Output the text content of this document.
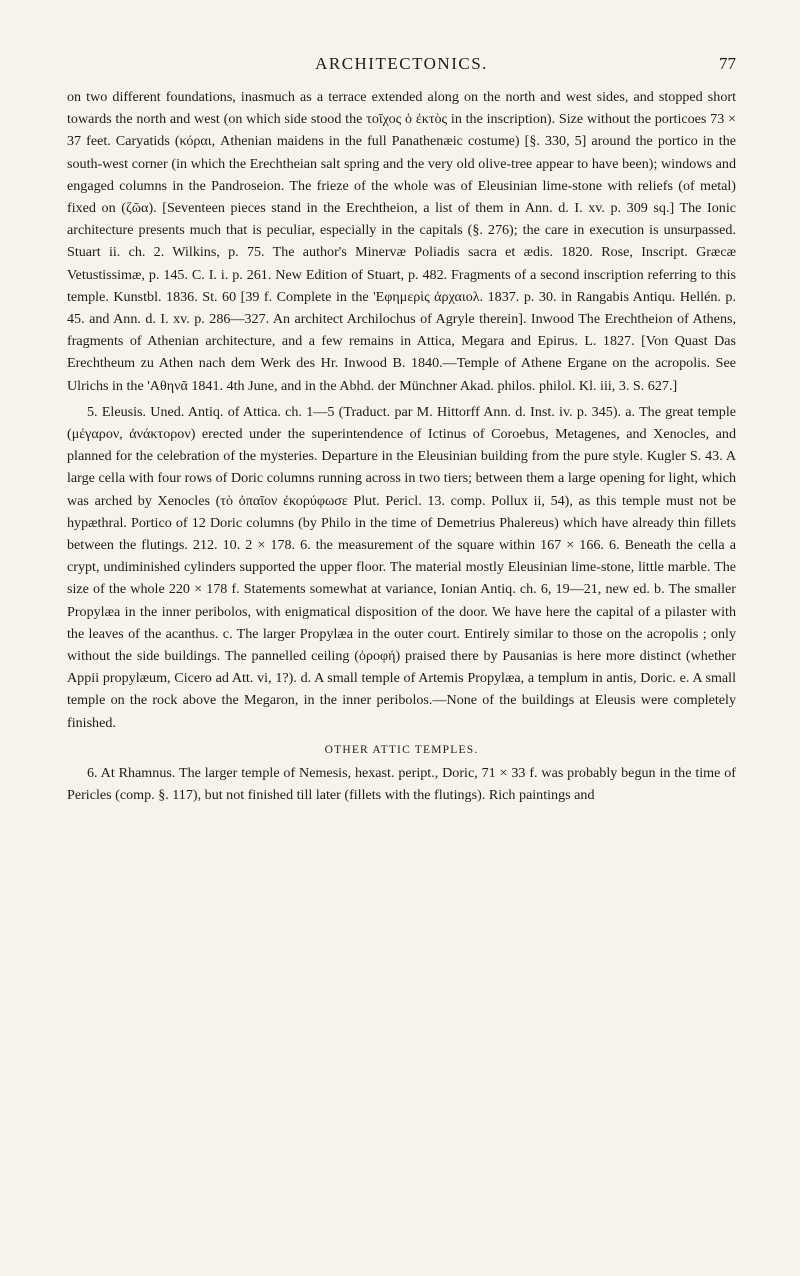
ARCHITECTONICS.	77

on two different foundations, inasmuch as a terrace extended along on the north and west sides, and stopped short towards the north and west (on which side stood the τοῖχος ὁ ἐκτὸς in the inscription). Size without the porticoes 73 × 37 feet. Caryatids (κόραι, Athenian maidens in the full Panathenæic costume) [§. 330, 5] around the portico in the south-west corner (in which the Erechtheian salt spring and the very old olive-tree appear to have been); windows and engaged columns in the Pandroseion. The frieze of the whole was of Eleusinian lime-stone with reliefs (of metal) fixed on (ζῶα). [Seventeen pieces stand in the Erechtheion, a list of them in Ann. d. I. xv. p. 309 sq.] The Ionic architecture presents much that is peculiar, especially in the capitals (§. 276); the care in execution is unsurpassed. Stuart ii. ch. 2. Wilkins, p. 75. The author's Minervæ Poliadis sacra et ædis. 1820. Rose, Inscript. Græcæ Vetustissimæ, p. 145. C. I. i. p. 261. New Edition of Stuart, p. 482. Fragments of a second inscription referring to this temple. Kunstbl. 1836. St. 60 [39 f. Complete in the 'Εφημερὶς ἀρχαιολ. 1837. p. 30. in Rangabis Antiqu. Hellén. p. 45. and Ann. d. I. xv. p. 286—327. An architect Archilochus of Agryle therein]. Inwood The Erechtheion of Athens, fragments of Athenian architecture, and a few remains in Attica, Megara and Epirus. L. 1827. [Von Quast Das Erechtheum zu Athen nach dem Werk des Hr. Inwood B. 1840.—Temple of Athene Ergane on the acropolis. See Ulrichs in the 'Αθηνᾶ 1841. 4th June, and in the Abhd. der Münchner Akad. philos. philol. Kl. iii, 3. S. 627.]

5. Eleusis. Uned. Antiq. of Attica. ch. 1—5 (Traduct. par M. Hittorff Ann. d. Inst. iv. p. 345). a. The great temple (μέγαρον, ἀνάκτορον) erected under the superintendence of Ictinus of Coroebus, Metagenes, and Xenocles, and planned for the celebration of the mysteries. Departure in the Eleusinian building from the pure style. Kugler S. 43. A large cella with four rows of Doric columns running across in two tiers; between them a large opening for light, which was arched by Xenocles (τὸ ὀπαῖον ἐκορύφωσε Plut. Pericl. 13. comp. Pollux ii, 54), as this temple must not be hypæthral. Portico of 12 Doric columns (by Philo in the time of Demetrius Phalereus) which have already thin fillets between the flutings. 212. 10. 2 × 178. 6. the measurement of the square within 167 × 166. 6. Beneath the cella a crypt, undiminished cylinders supported the upper floor. The material mostly Eleusinian lime-stone, little marble. The size of the whole 220 × 178 f. Statements somewhat at variance, Ionian Antiq. ch. 6, 19—21, new ed. b. The smaller Propylæa in the inner peribolos, with enigmatical disposition of the door. We have here the capital of a pilaster with the leaves of the acanthus. c. The larger Propylæa in the outer court. Entirely similar to those on the acropolis ; only without the side buildings. The pannelled ceiling (ὀροφή) praised there by Pausanias is here more distinct (whether Appii propylæum, Cicero ad Att. vi, 1?). d. A small temple of Artemis Propylæa, a templum in antis, Doric. e. A small temple on the rock above the Megaron, in the inner peribolos.—None of the buildings at Eleusis were completely finished.

OTHER ATTIC TEMPLES.

6. At Rhamnus. The larger temple of Nemesis, hexast. peript., Doric, 71 × 33 f. was probably begun in the time of Pericles (comp. §. 117), but not finished till later (fillets with the flutings). Rich paintings and
